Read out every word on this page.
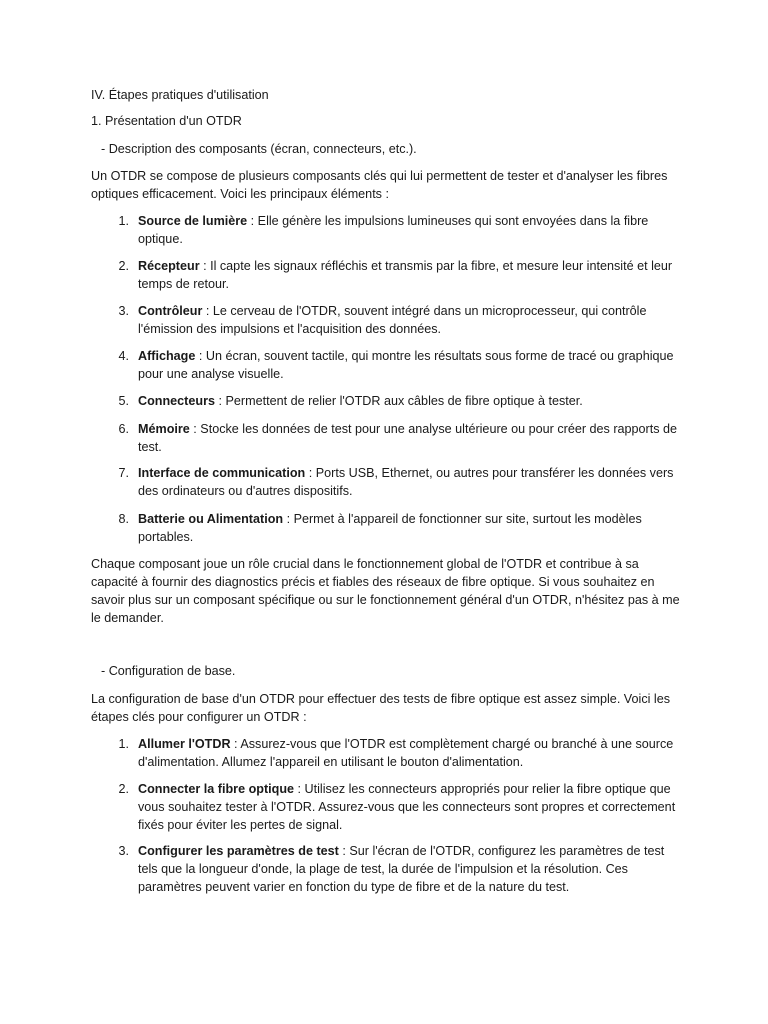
IV. Étapes pratiques d'utilisation

1. Présentation d'un OTDR

- Description des composants (écran, connecteurs, etc.).

Un OTDR se compose de plusieurs composants clés qui lui permettent de tester et d'analyser les fibres optiques efficacement. Voici les principaux éléments :

1. Source de lumière : Elle génère les impulsions lumineuses qui sont envoyées dans la fibre optique.
2. Récepteur : Il capte les signaux réfléchis et transmis par la fibre, et mesure leur intensité et leur temps de retour.
3. Contrôleur : Le cerveau de l'OTDR, souvent intégré dans un microprocesseur, qui contrôle l'émission des impulsions et l'acquisition des données.
4. Affichage : Un écran, souvent tactile, qui montre les résultats sous forme de tracé ou graphique pour une analyse visuelle.
5. Connecteurs : Permettent de relier l'OTDR aux câbles de fibre optique à tester.
6. Mémoire : Stocke les données de test pour une analyse ultérieure ou pour créer des rapports de test.
7. Interface de communication : Ports USB, Ethernet, ou autres pour transférer les données vers des ordinateurs ou d'autres dispositifs.
8. Batterie ou Alimentation : Permet à l'appareil de fonctionner sur site, surtout les modèles portables.

Chaque composant joue un rôle crucial dans le fonctionnement global de l'OTDR et contribue à sa capacité à fournir des diagnostics précis et fiables des réseaux de fibre optique. Si vous souhaitez en savoir plus sur un composant spécifique ou sur le fonctionnement général d'un OTDR, n'hésitez pas à me le demander.

- Configuration de base.

La configuration de base d'un OTDR pour effectuer des tests de fibre optique est assez simple. Voici les étapes clés pour configurer un OTDR :

1. Allumer l'OTDR : Assurez-vous que l'OTDR est complètement chargé ou branché à une source d'alimentation. Allumez l'appareil en utilisant le bouton d'alimentation.
2. Connecter la fibre optique : Utilisez les connecteurs appropriés pour relier la fibre optique que vous souhaitez tester à l'OTDR. Assurez-vous que les connecteurs sont propres et correctement fixés pour éviter les pertes de signal.
3. Configurer les paramètres de test : Sur l'écran de l'OTDR, configurez les paramètres de test tels que la longueur d'onde, la plage de test, la durée de l'impulsion et la résolution. Ces paramètres peuvent varier en fonction du type de fibre et de la nature du test.
